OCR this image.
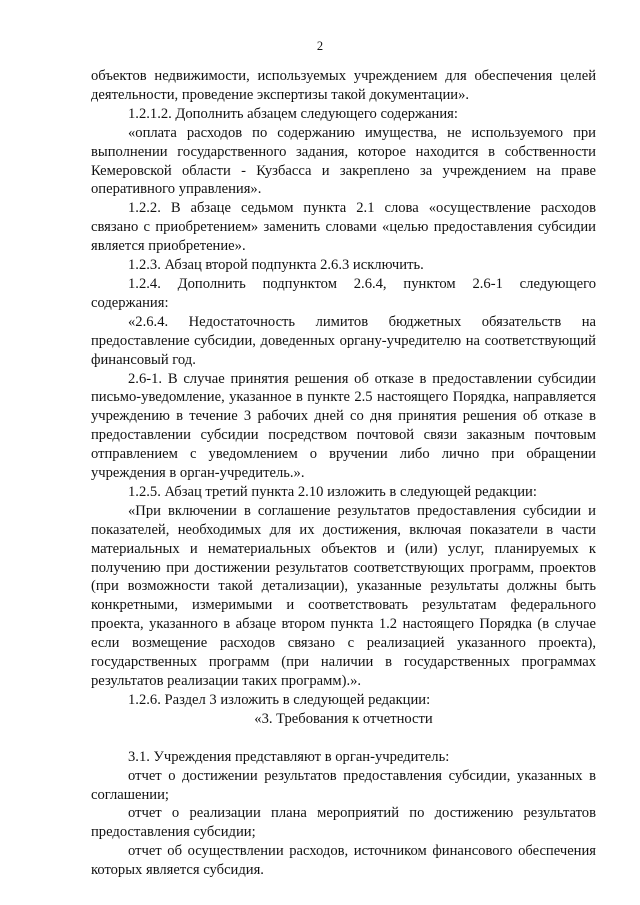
2

объектов недвижимости, используемых учреждением для обеспечения целей деятельности, проведение экспертизы такой документации».

1.2.1.2. Дополнить абзацем следующего содержания:

«оплата расходов по содержанию имущества, не используемого при выполнении государственного задания, которое находится в собственности Кемеровской области - Кузбасса и закреплено за учреждением на праве оперативного управления».

1.2.2. В абзаце седьмом пункта 2.1 слова «осуществление расходов связано с приобретением» заменить словами «целью предоставления субсидии является приобретение».

1.2.3. Абзац второй подпункта 2.6.3 исключить.

1.2.4. Дополнить подпунктом 2.6.4, пунктом 2.6-1 следующего содержания:

«2.6.4. Недостаточность лимитов бюджетных обязательств на предоставление субсидии, доведенных органу-учредителю на соответствующий финансовый год.

2.6-1. В случае принятия решения об отказе в предоставлении субсидии письмо-уведомление, указанное в пункте 2.5 настоящего Порядка, направляется учреждению в течение 3 рабочих дней со дня принятия решения об отказе в предоставлении субсидии посредством почтовой связи заказным почтовым отправлением с уведомлением о вручении либо лично при обращении учреждения в орган-учредитель.».

1.2.5. Абзац третий пункта 2.10 изложить в следующей редакции:

«При включении в соглашение результатов предоставления субсидии и показателей, необходимых для их достижения, включая показатели в части материальных и нематериальных объектов и (или) услуг, планируемых к получению при достижении результатов соответствующих программ, проектов (при возможности такой детализации), указанные результаты должны быть конкретными, измеримыми и соответствовать результатам федерального проекта, указанного в абзаце втором пункта 1.2 настоящего Порядка (в случае если возмещение расходов связано с реализацией указанного проекта), государственных программ (при наличии в государственных программах результатов реализации таких программ).».

1.2.6. Раздел 3 изложить в следующей редакции:

«3. Требования к отчетности

3.1. Учреждения представляют в орган-учредитель:

отчет о достижении результатов предоставления субсидии, указанных в соглашении;

отчет о реализации плана мероприятий по достижению результатов предоставления субсидии;

отчет об осуществлении расходов, источником финансового обеспечения которых является субсидия.
